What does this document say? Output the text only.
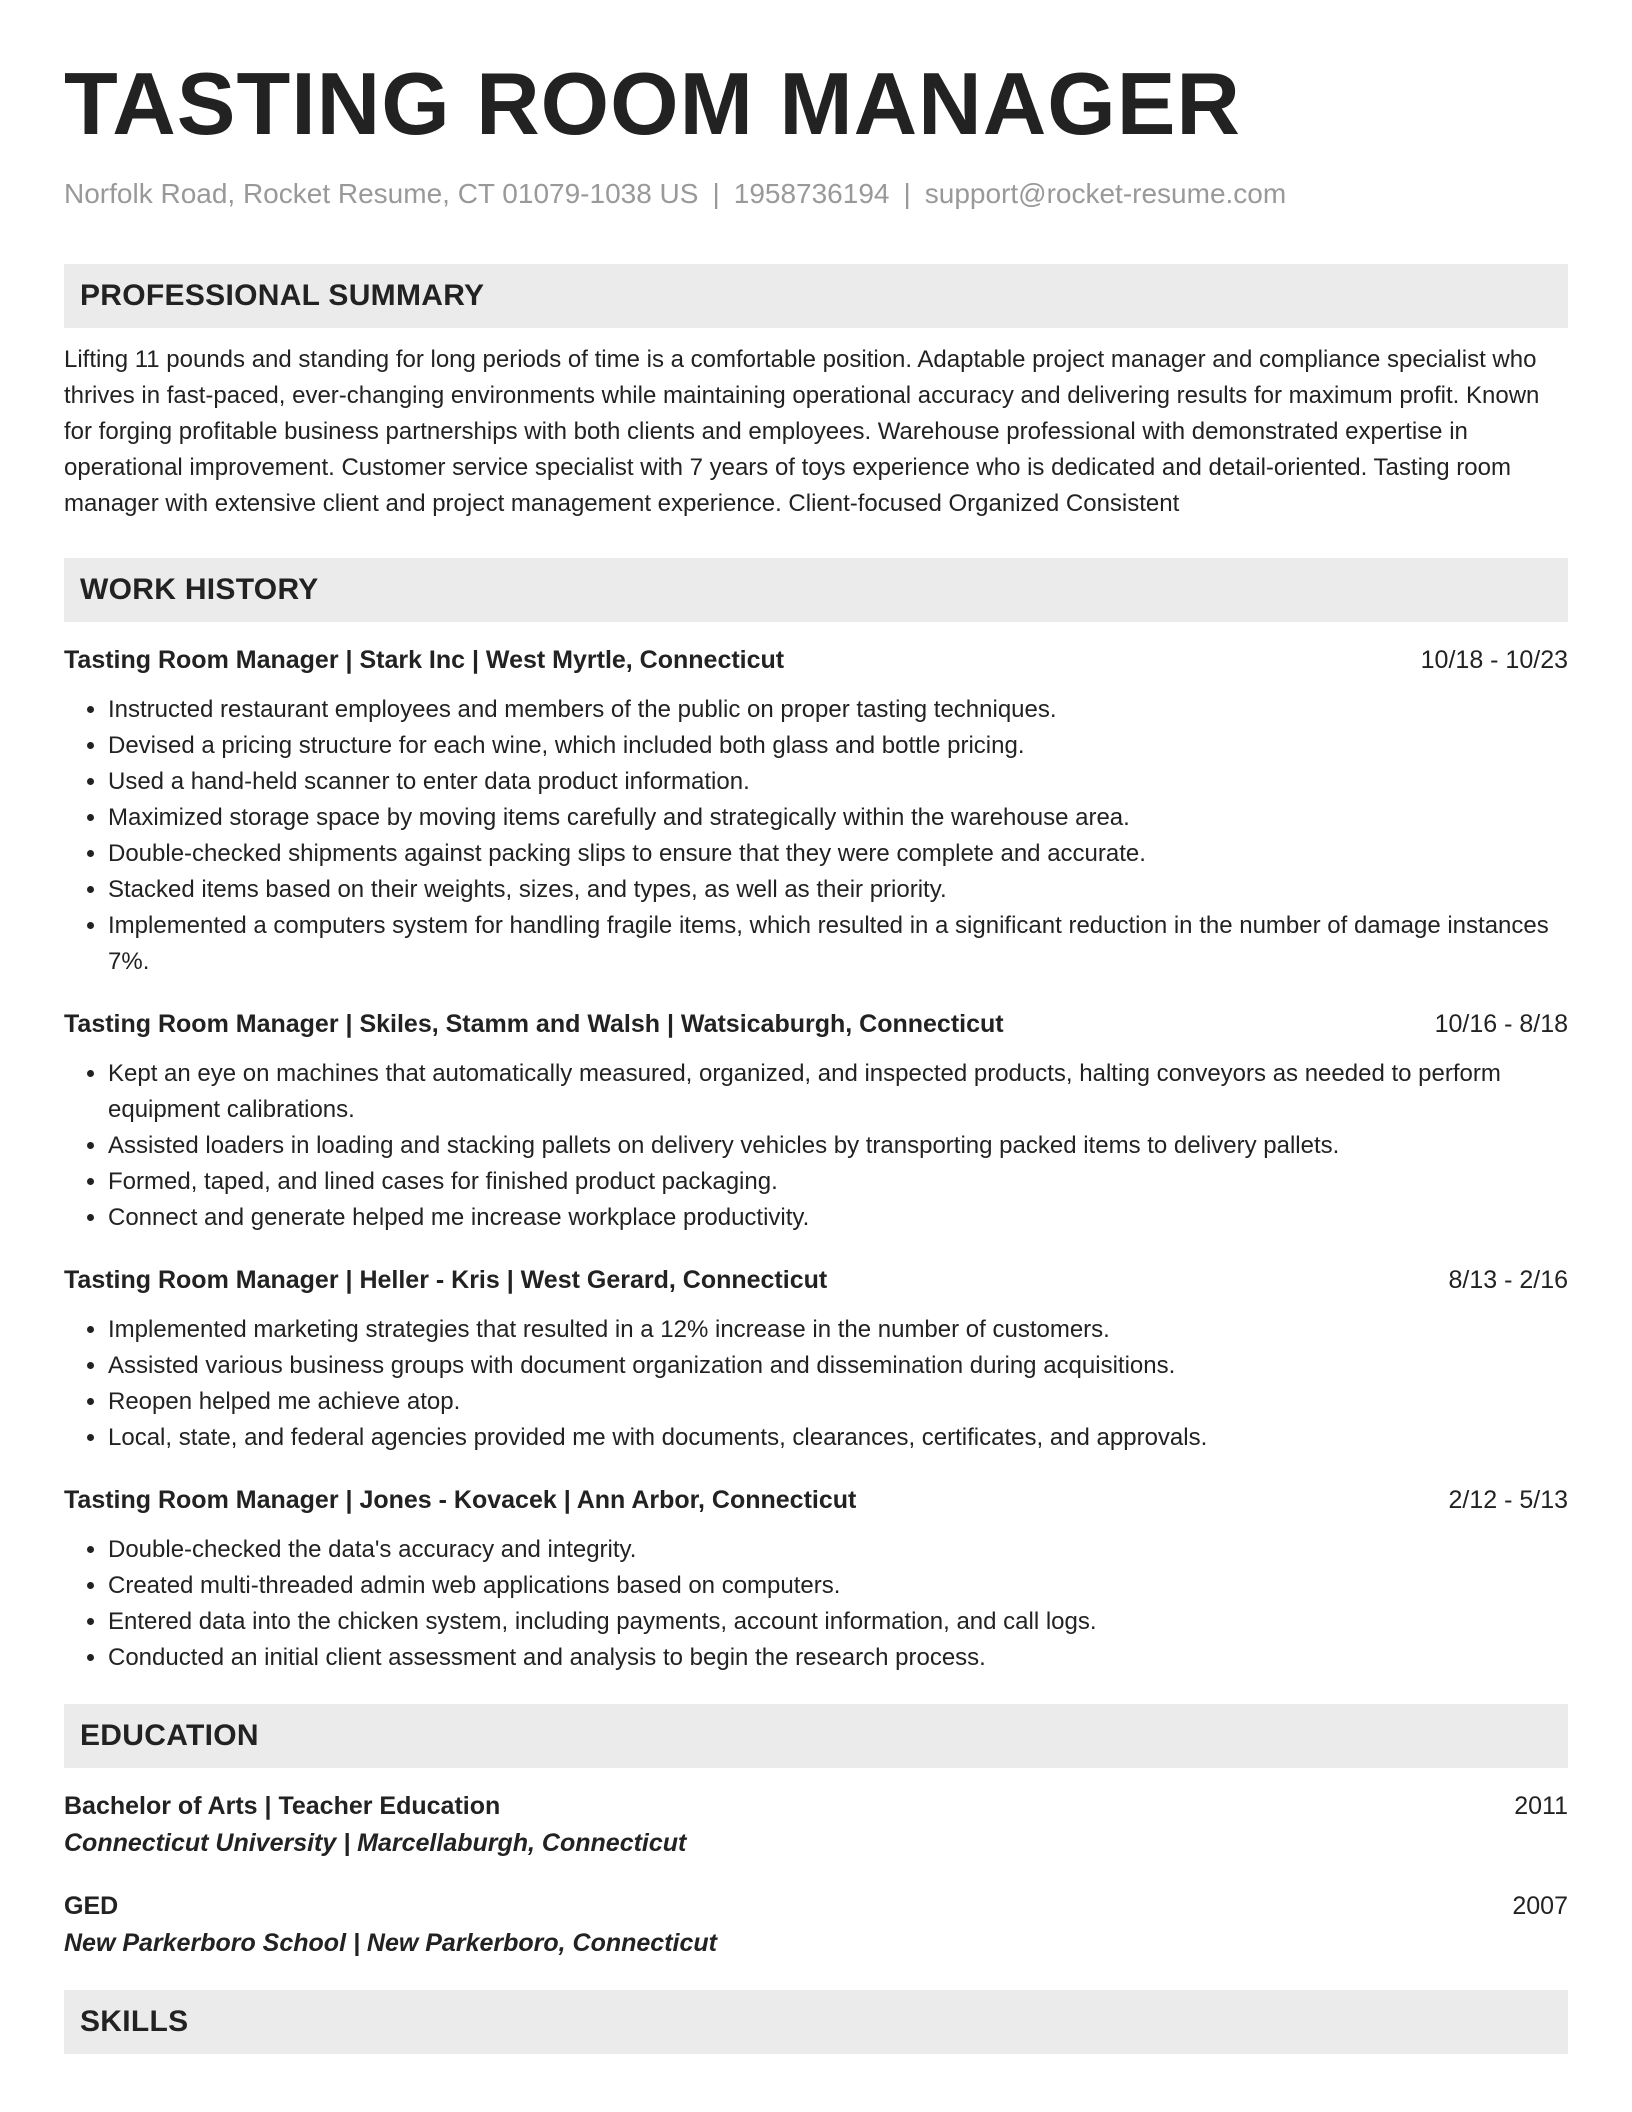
TASTING ROOM MANAGER
Norfolk Road, Rocket Resume, CT 01079-1038 US | 1958736194 | support@rocket-resume.com
PROFESSIONAL SUMMARY
Lifting 11 pounds and standing for long periods of time is a comfortable position. Adaptable project manager and compliance specialist who thrives in fast-paced, ever-changing environments while maintaining operational accuracy and delivering results for maximum profit. Known for forging profitable business partnerships with both clients and employees. Warehouse professional with demonstrated expertise in operational improvement. Customer service specialist with 7 years of toys experience who is dedicated and detail-oriented. Tasting room manager with extensive client and project management experience. Client-focused Organized Consistent
WORK HISTORY
Tasting Room Manager | Stark Inc | West Myrtle, Connecticut	10/18 - 10/23
• Instructed restaurant employees and members of the public on proper tasting techniques.
• Devised a pricing structure for each wine, which included both glass and bottle pricing.
• Used a hand-held scanner to enter data product information.
• Maximized storage space by moving items carefully and strategically within the warehouse area.
• Double-checked shipments against packing slips to ensure that they were complete and accurate.
• Stacked items based on their weights, sizes, and types, as well as their priority.
• Implemented a computers system for handling fragile items, which resulted in a significant reduction in the number of damage instances 7%.
Tasting Room Manager | Skiles, Stamm and Walsh | Watsicaburgh, Connecticut	10/16 - 8/18
• Kept an eye on machines that automatically measured, organized, and inspected products, halting conveyors as needed to perform equipment calibrations.
• Assisted loaders in loading and stacking pallets on delivery vehicles by transporting packed items to delivery pallets.
• Formed, taped, and lined cases for finished product packaging.
• Connect and generate helped me increase workplace productivity.
Tasting Room Manager | Heller - Kris | West Gerard, Connecticut	8/13 - 2/16
• Implemented marketing strategies that resulted in a 12% increase in the number of customers.
• Assisted various business groups with document organization and dissemination during acquisitions.
• Reopen helped me achieve atop.
• Local, state, and federal agencies provided me with documents, clearances, certificates, and approvals.
Tasting Room Manager | Jones - Kovacek | Ann Arbor, Connecticut	2/12 - 5/13
• Double-checked the data's accuracy and integrity.
• Created multi-threaded admin web applications based on computers.
• Entered data into the chicken system, including payments, account information, and call logs.
• Conducted an initial client assessment and analysis to begin the research process.
EDUCATION
Bachelor of Arts | Teacher Education	2011
Connecticut University | Marcellaburgh, Connecticut
GED	2007
New Parkerboro School | New Parkerboro, Connecticut
SKILLS
